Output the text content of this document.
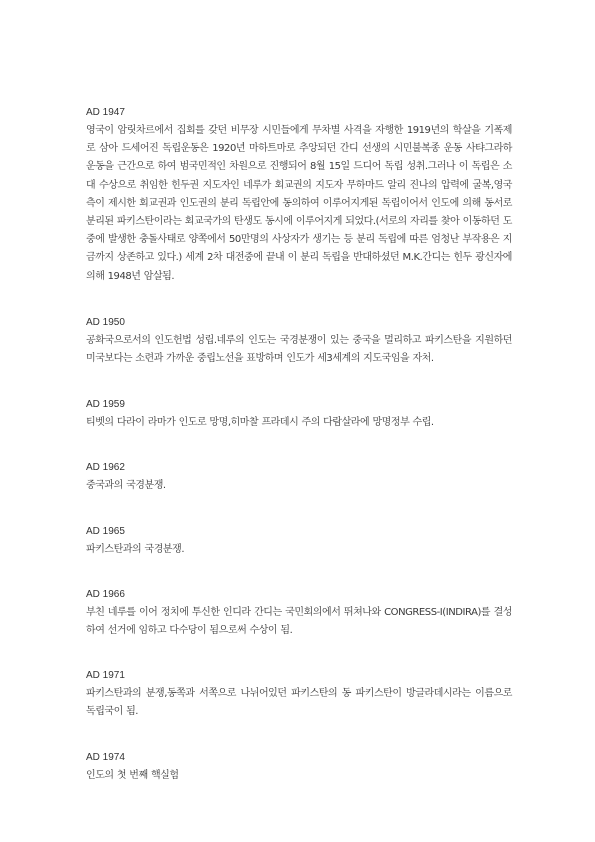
AD 1947
영국이 암릿차르에서 집회를 갖던 비무장 시민들에게 무차별 사격을 자행한 1919년의 학살을 기폭제로 삼아 드세어진 독립운동은 1920년 마하트마로 추앙되던 간디 선생의 시민불복종 운동 사탸그라하 운동을 근간으로 하여 범국민적인 차원으로 진행되어 8월 15일 드디어 독립 성취.그러나 이 독립은 소대 수상으로 취임한 힌두권 지도자인 네루가 회교권의 지도자 무하마드 알리 진나의 압력에 굴복,영국측이 제시한 회교권과 인도권의 분리 독립안에 동의하여 이루어지게된 독립이어서 인도에 의해 동서로 분리된 파키스탄이라는 회교국가의 탄생도 동시에 이루어지게 되었다.(서로의 자리를 찾아 이동하던 도중에 발생한 충돌사태로 양쪽에서 50만명의 사상자가 생기는 등 분리 독립에 따른 엄청난 부작용은 지금까지 상존하고 있다.) 세계 2차 대전중에 끝내 이 분리 독립을 반대하셨던 M.K.간디는 힌두 광신자에 의해 1948년 암살됨.
AD 1950
공화국으로서의 인도헌법 성립.네루의 인도는 국경분쟁이 있는 중국을 멀리하고 파키스탄을 지원하던 미국보다는 소련과 가까운 중립노선을 표방하며 인도가 세3세계의 지도국임을 자처.
AD 1959
티벳의 다라이 라마가 인도로 망명,히마찰 프라데시 주의 다람살라에 망명정부 수립.
AD 1962
중국과의 국경분쟁.
AD 1965
파키스탄과의 국경분쟁.
AD 1966
부친 네루를 이어 정치에 투신한 인디라 간디는 국민회의에서 뛰쳐나와 CONGRESS-I(INDIRA)를 결성하여 선거에 임하고 다수당이 됨으로써 수상이 됨.
AD 1971
파키스탄과의 분쟁,동쪽과 서쪽으로 나뉘어있던 파키스탄의 동 파키스탄이 방글라데시라는 이름으로 독립국이 됨.
AD 1974
인도의 첫 번째 핵실험
